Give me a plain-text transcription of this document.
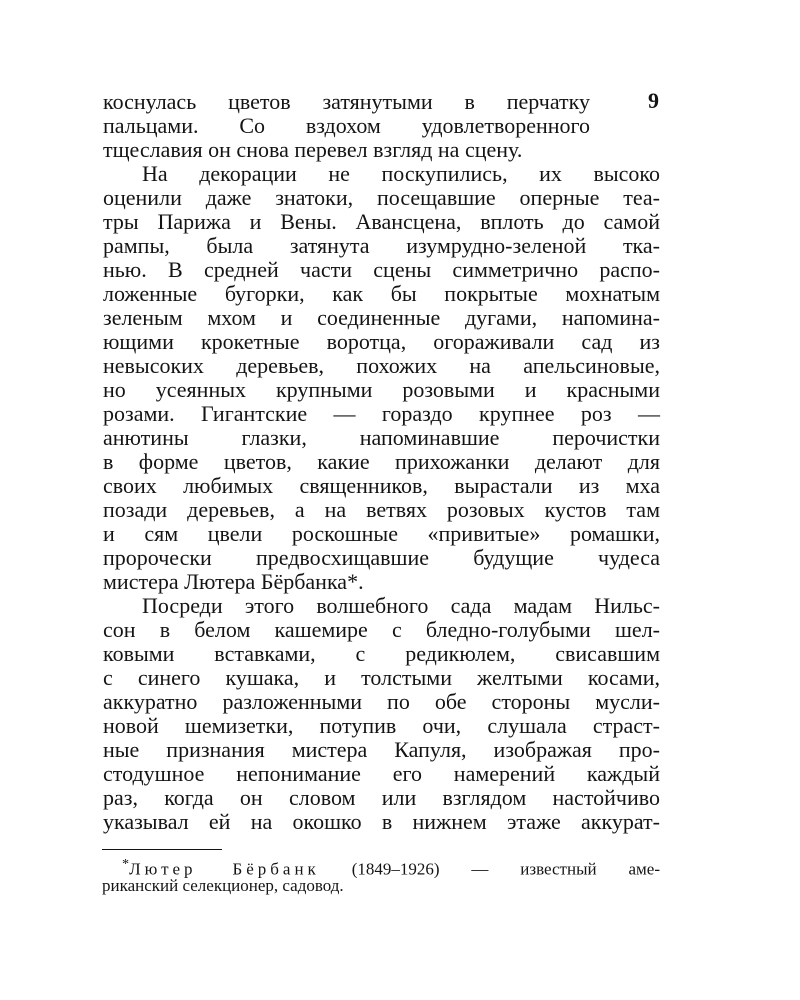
9
коснулась цветов затянутыми в перчатку
пальцами. Со вздохом удовлетворенного
тщеславия он снова перевел взгляд на сцену.
На декорации не поскупились, их высоко
оценили даже знатоки, посещавшие оперные теа-
тры Парижа и Вены. Авансцена, вплоть до самой
рампы, была затянута изумрудно-зеленой тка-
нью. В средней части сцены симметрично распо-
ложенные бугорки, как бы покрытые мохнатым
зеленым мхом и соединенные дугами, напомина-
ющими крокетные воротца, огораживали сад из
невысоких деревьев, похожих на апельсиновые,
но усеянных крупными розовыми и красными
розами. Гигантские — гораздо крупнее роз —
анютины глазки, напоминавшие перочистки
в форме цветов, какие прихожанки делают для
своих любимых священников, вырастали из мха
позади деревьев, а на ветвях розовых кустов там
и сям цвели роскошные «привитые» ромашки,
пророчески предвосхищавшие будущие чудеса
мистера Лютера Бёрбанка*.
Посреди этого волшебного сада мадам Нильс-
сон в белом кашемире с бледно-голубыми шел-
ковыми вставками, с редикюлем, свисавшим
с синего кушака, и толстыми желтыми косами,
аккуратно разложенными по обе стороны мусли-
новой шемизетки, потупив очи, слушала страст-
ные признания мистера Капуля, изображая про-
стодушное непонимание его намерений каждый
раз, когда он словом или взглядом настойчиво
указывал ей на окошко в нижнем этаже аккурат-
*Лютер Бёрбанк (1849–1926) — известный аме-
риканский селекционер, садовод.
